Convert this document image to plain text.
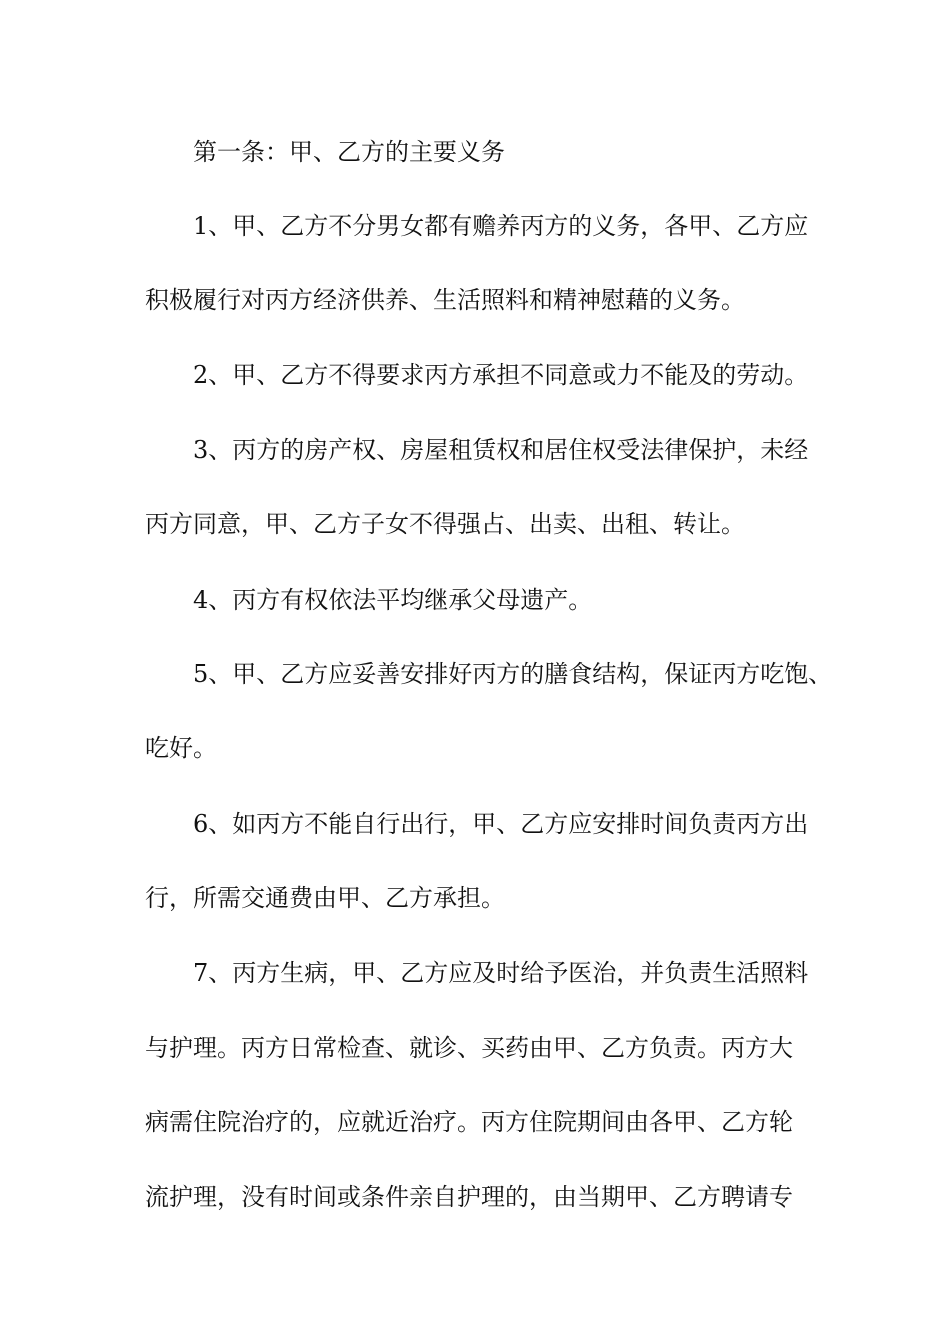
第一条：甲、乙方的主要义务
1、甲、乙方不分男女都有赡养丙方的义务，各甲、乙方应
积极履行对丙方经济供养、生活照料和精神慰藉的义务。
2、甲、乙方不得要求丙方承担不同意或力不能及的劳动。
3、丙方的房产权、房屋租赁权和居住权受法律保护，未经
丙方同意，甲、乙方子女不得强占、出卖、出租、转让。
4、丙方有权依法平均继承父母遗产。
5、甲、乙方应妥善安排好丙方的膳食结构，保证丙方吃饱、
吃好。
6、如丙方不能自行出行，甲、乙方应安排时间负责丙方出
行，所需交通费由甲、乙方承担。
7、丙方生病，甲、乙方应及时给予医治，并负责生活照料
与护理。丙方日常检查、就诊、买药由甲、乙方负责。丙方大
病需住院治疗的，应就近治疗。丙方住院期间由各甲、乙方轮
流护理，没有时间或条件亲自护理的，由当期甲、乙方聘请专
